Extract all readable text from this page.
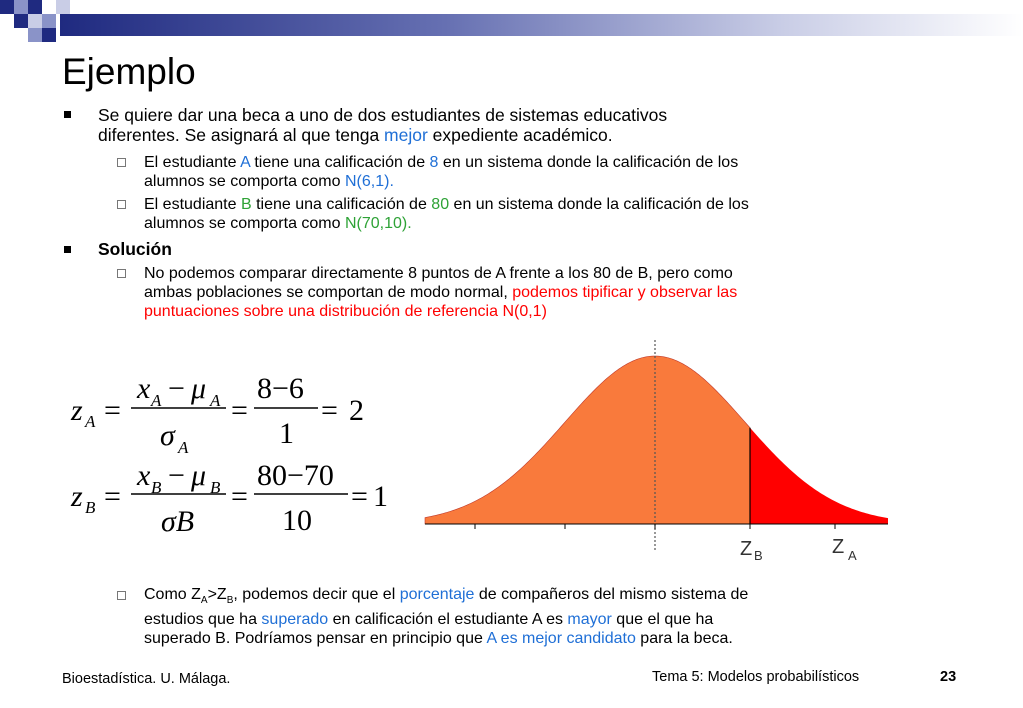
Ejemplo
Se quiere dar una beca a uno de dos estudiantes de sistemas educativos
diferentes. Se asignará al que tenga mejor expediente académico.
El estudiante A tiene una calificación de 8 en un sistema donde la calificación de los
alumnos se comporta como N(6,1).
El estudiante B tiene una calificación de 80 en un sistema donde la calificación de los
alumnos se comporta como N(70,10).
Solución
No podemos comparar directamente 8 puntos de A frente a los 80 de B, pero como
ambas poblaciones se comportan de modo normal, podemos tipificar y observar las
puntuaciones sobre una distribución de referencia N(0,1)
z A =
x A − μ A
σ A
=
8−6
1
= 2
z B =
x B − μ B
σB
=
80−70
10
= 1
Z B	Z A
Como $Z_A>Z_B$, podemos decir que el porcentaje de compañeros del mismo sistema de
estudios que ha superado en calificación el estudiante A es mayor que el que ha
superado B. Podríamos pensar en principio que A es mejor candidato para la beca.
Bioestadística. U. Málaga.	Tema 5: Modelos probabilísticos	23
